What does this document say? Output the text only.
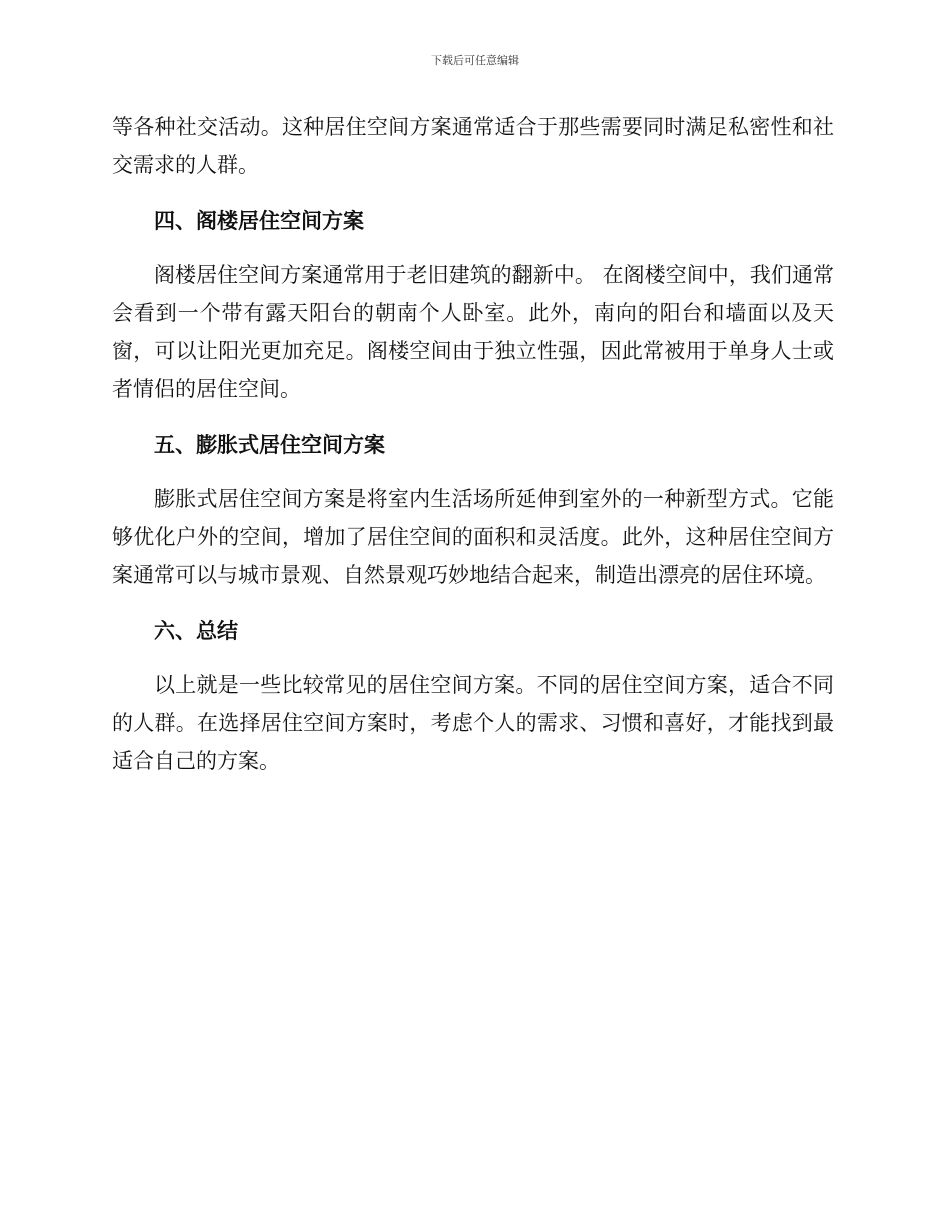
下载后可任意编辑

等各种社交活动。这种居住空间方案通常适合于那些需要同时满足私密性和社交需求的人群。

四、阁楼居住空间方案

阁楼居住空间方案通常用于老旧建筑的翻新中。 在阁楼空间中，我们通常会看到一个带有露天阳台的朝南个人卧室。此外，南向的阳台和墙面以及天窗，可以让阳光更加充足。阁楼空间由于独立性强，因此常被用于单身人士或者情侣的居住空间。

五、膨胀式居住空间方案

膨胀式居住空间方案是将室内生活场所延伸到室外的一种新型方式。它能够优化户外的空间，增加了居住空间的面积和灵活度。此外，这种居住空间方案通常可以与城市景观、自然景观巧妙地结合起来，制造出漂亮的居住环境。

六、总结

以上就是一些比较常见的居住空间方案。不同的居住空间方案，适合不同的人群。在选择居住空间方案时，考虑个人的需求、习惯和喜好，才能找到最适合自己的方案。
